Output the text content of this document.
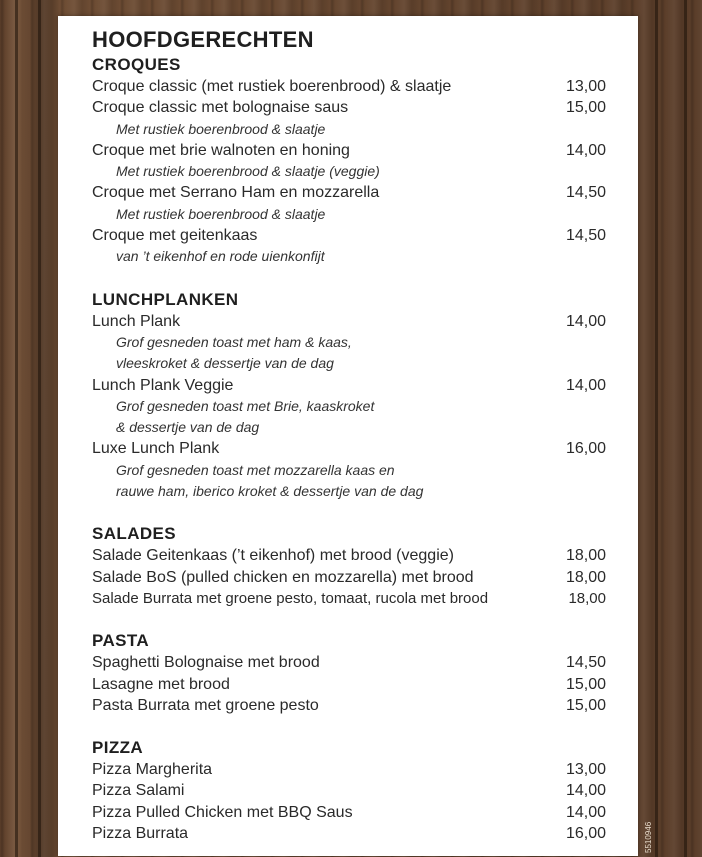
5510946
HOOFDGERECHTEN
CROQUES
Croque classic (met rustiek boerenbrood) & slaatje	13,00
Croque classic met bolognaise saus	15,00
Met rustiek boerenbrood & slaatje
Croque met brie walnoten en honing	14,00
Met rustiek boerenbrood & slaatje (veggie)
Croque met Serrano Ham en mozzarella	14,50
Met rustiek boerenbrood & slaatje
Croque met geitenkaas	14,50
van ’t eikenhof en rode uienkonfijt
LUNCHPLANKEN
Lunch Plank	14,00
Grof gesneden toast met ham & kaas,
vleeskroket & dessertje van de dag
Lunch Plank Veggie	14,00
Grof gesneden toast met Brie, kaaskroket
& dessertje van de dag
Luxe Lunch Plank	16,00
Grof gesneden toast met mozzarella kaas en
rauwe ham, iberico kroket & dessertje van de dag
SALADES
Salade Geitenkaas (’t eikenhof) met brood (veggie)	18,00
Salade BoS (pulled chicken en mozzarella) met brood	18,00
Salade Burrata met groene pesto, tomaat, rucola met brood	18,00
PASTA
Spaghetti Bolognaise met brood	14,50
Lasagne met brood	15,00
Pasta Burrata met groene pesto	15,00
PIZZA
Pizza Margherita	13,00
Pizza Salami	14,00
Pizza Pulled Chicken met BBQ Saus	14,00
Pizza Burrata	16,00
